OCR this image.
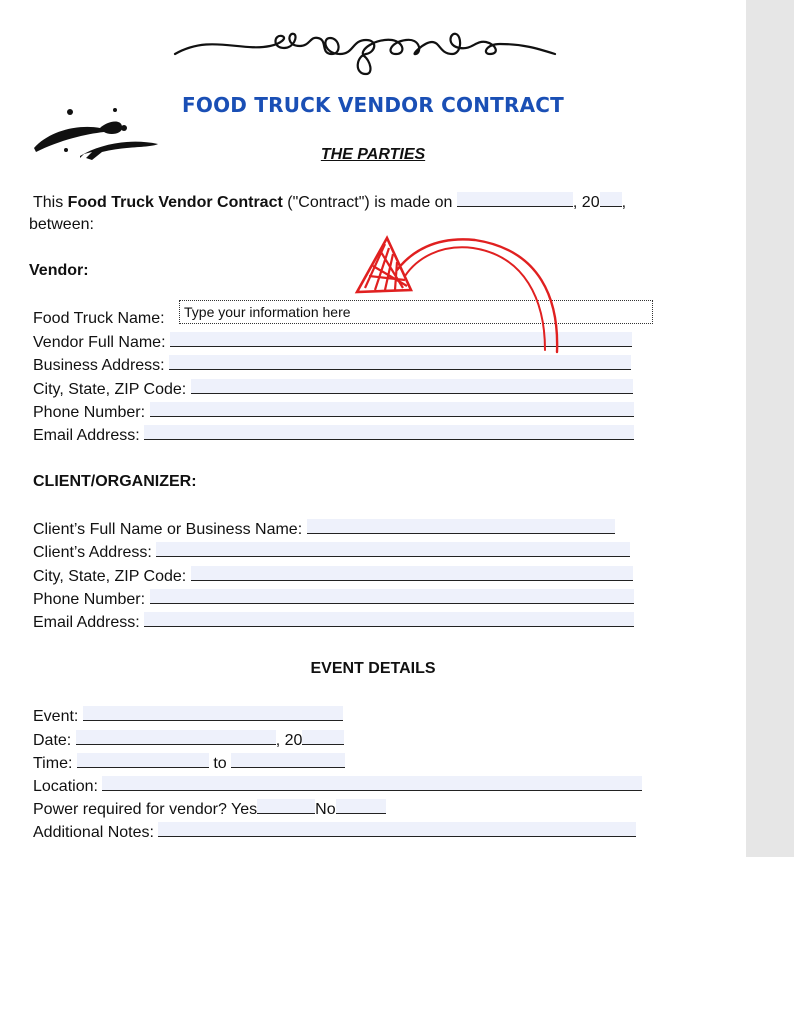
FOOD TRUCK VENDOR CONTRACT
THE PARTIES
This Food Truck Vendor Contract ("Contract") is made on	, 20 ,
between:
Vendor:
Food Truck Name:	Type your information here
Vendor Full Name:
Business Address:
City, State, ZIP Code:
Phone Number:
Email Address:
CLIENT/ORGANIZER:
Client’s Full Name or Business Name:
Client’s Address:
City, State, ZIP Code:
Phone Number:
Email Address:
EVENT DETAILS
Event:
Date:	, 20
Time:	to
Location:
Power required for vendor? Yes	No
Additional Notes:
